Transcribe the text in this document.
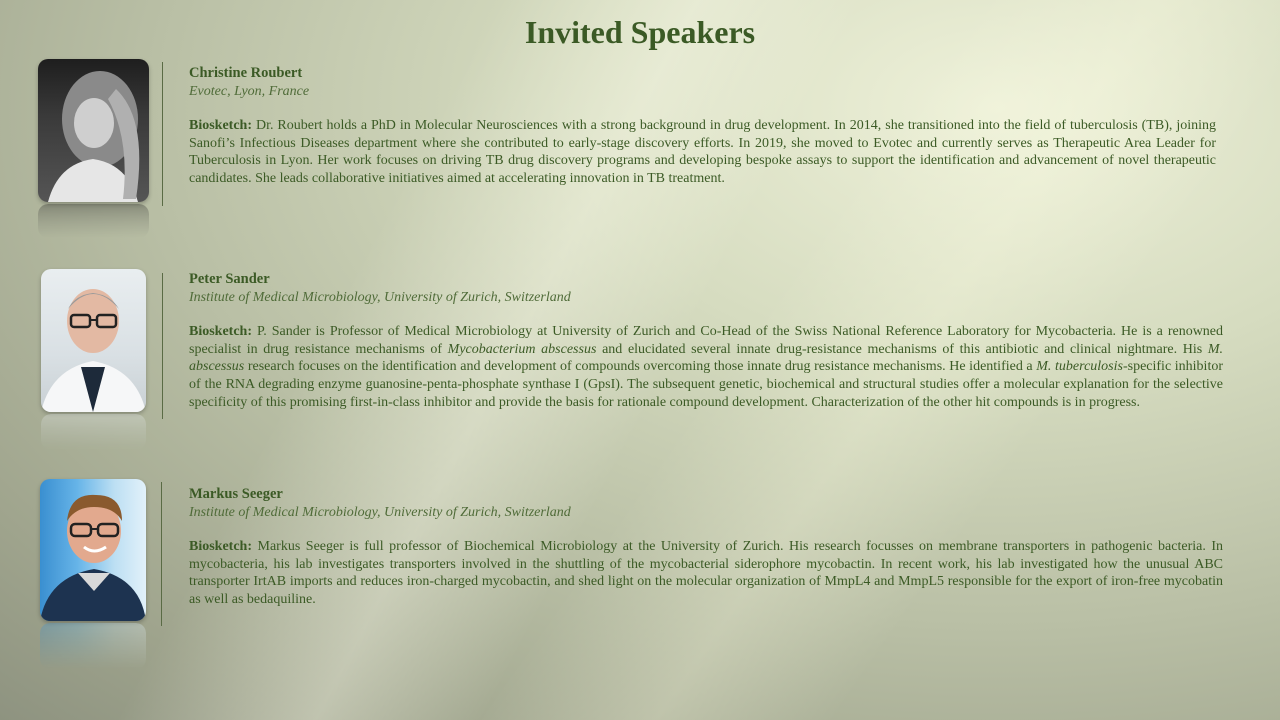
Invited Speakers
Christine Roubert
Evotec, Lyon, France
Biosketch: Dr. Roubert holds a PhD in Molecular Neurosciences with a strong background in drug development. In 2014, she transitioned into the field of tuberculosis (TB), joining Sanofi’s Infectious Diseases department where she contributed to early-stage discovery efforts. In 2019, she moved to Evotec and currently serves as Therapeutic Area Leader for Tuberculosis in Lyon. Her work focuses on driving TB drug discovery programs and developing bespoke assays to support the identification and advancement of novel therapeutic candidates. She leads collaborative initiatives aimed at accelerating innovation in TB treatment.
Peter Sander
Institute of Medical Microbiology, University of Zurich, Switzerland
Biosketch: P. Sander is Professor of Medical Microbiology at University of Zurich and Co-Head of the Swiss National Reference Laboratory for Mycobacteria. He is a renowned specialist in drug resistance mechanisms of Mycobacterium abscessus and elucidated several innate drug-resistance mechanisms of this antibiotic and clinical nightmare. His M. abscessus research focuses on the identification and development of compounds overcoming those innate drug resistance mechanisms. He identified a M. tuberculosis-specific inhibitor of the RNA degrading enzyme guanosine-penta-phosphate synthase I (GpsI). The subsequent genetic, biochemical and structural studies offer a molecular explanation for the selective specificity of this promising first-in-class inhibitor and provide the basis for rationale compound development. Characterization of the other hit compounds is in progress.
Markus Seeger
Institute of Medical Microbiology, University of Zurich, Switzerland
Biosketch: Markus Seeger is full professor of Biochemical Microbiology at the University of Zurich. His research focusses on membrane transporters in pathogenic bacteria. In mycobacteria, his lab investigates transporters involved in the shuttling of the mycobacterial siderophore mycobactin. In recent work, his lab investigated how the unusual ABC transporter IrtAB imports and reduces iron-charged mycobactin, and shed light on the molecular organization of MmpL4 and MmpL5 responsible for the export of iron-free mycobatin as well as bedaquiline.
